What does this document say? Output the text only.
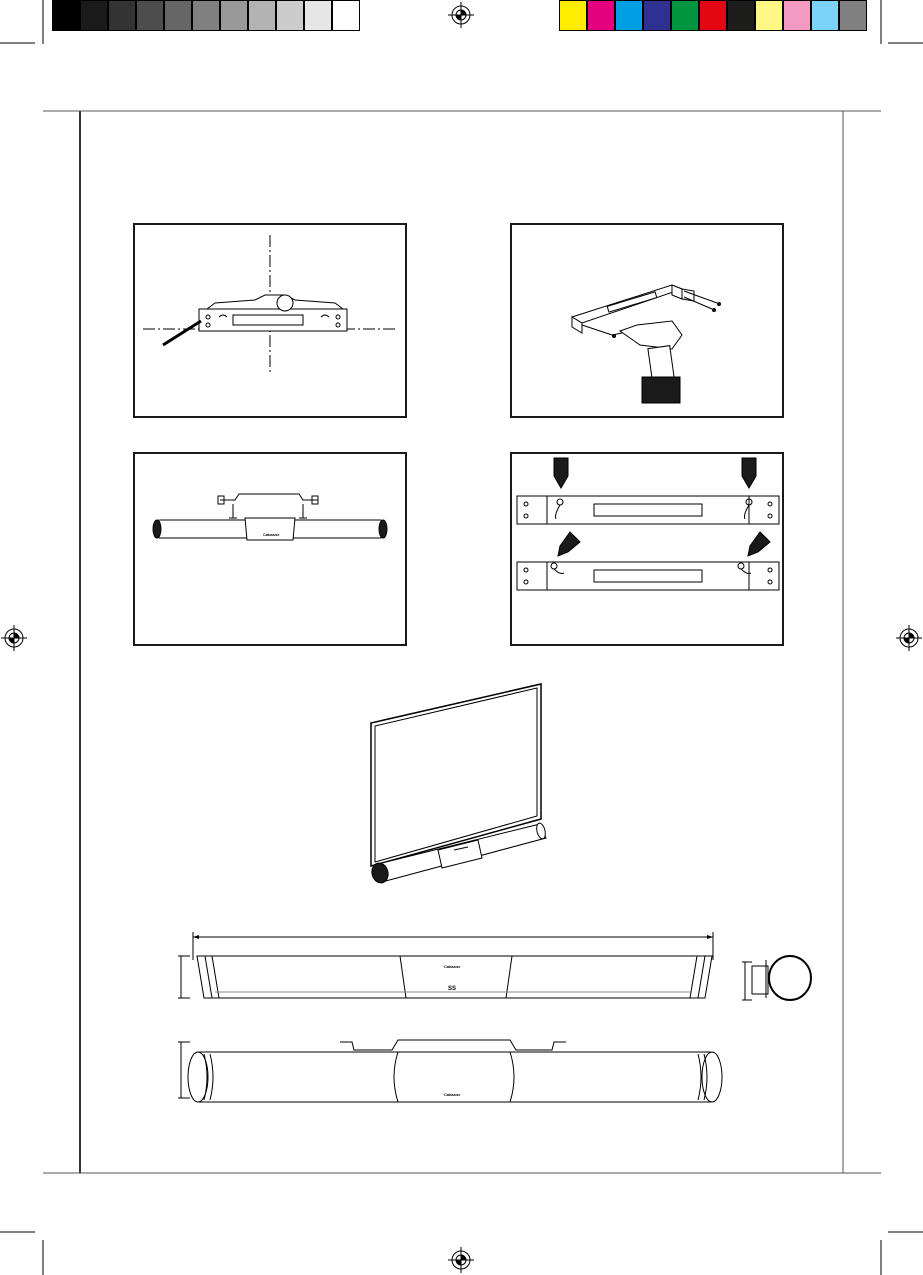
Cabasse
Cabasse
SS
Cabasse
